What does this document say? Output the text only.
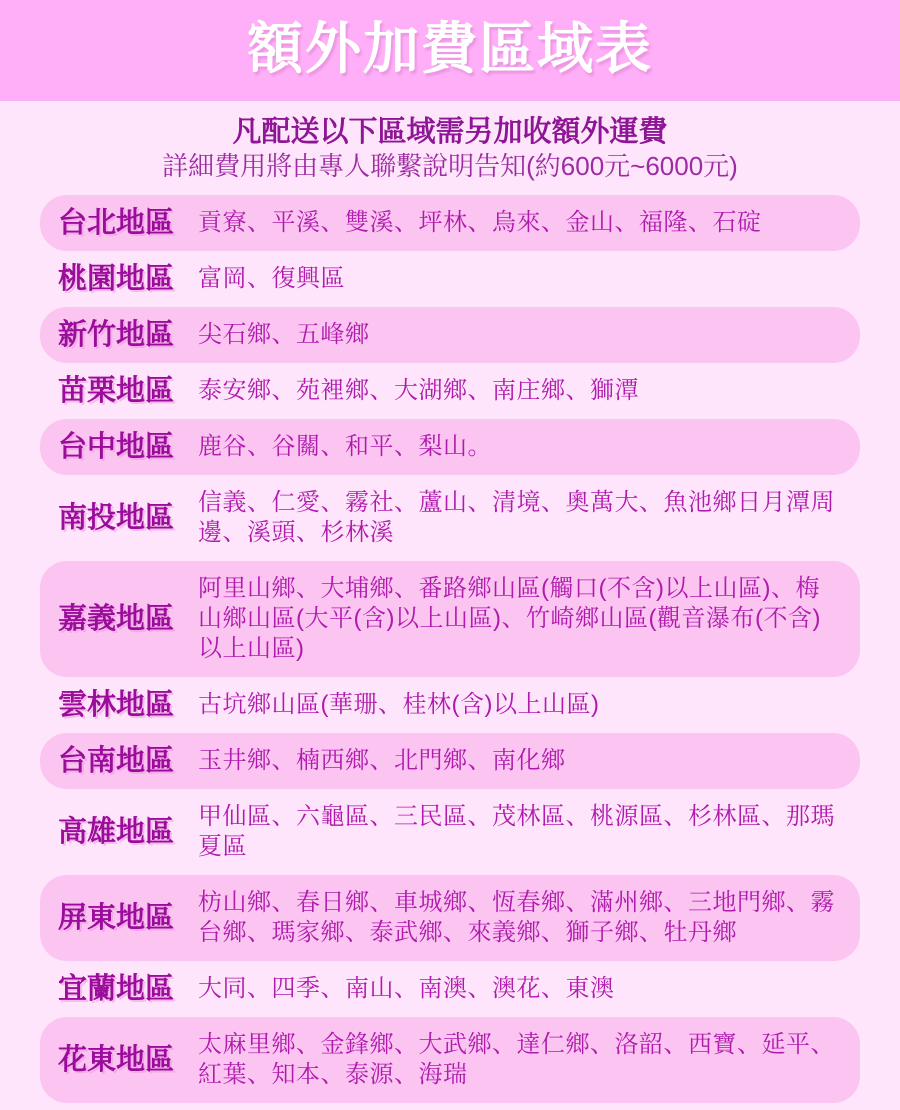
額外加費區域表
凡配送以下區域需另加收額外運費
詳細費用將由專人聯繫說明告知(約600元~6000元)
台北地區 貢寮、平溪、雙溪、坪林、烏來、金山、福隆、石碇
桃園地區 富岡、復興區
新竹地區 尖石鄉、五峰鄉
苗栗地區 泰安鄉、苑裡鄉、大湖鄉、南庄鄉、獅潭
台中地區 鹿谷、谷關、和平、梨山。
南投地區 信義、仁愛、霧社、蘆山、清境、奧萬大、魚池鄉日月潭周邊、溪頭、杉林溪
嘉義地區
阿里山鄉、大埔鄉、番路鄉山區(觸口(不含)以上山區)、梅山鄉山區(大平(含)以上山區)、竹崎鄉山區(觀音瀑布(不含)以上山區)
雲林地區 古坑鄉山區(華珊、桂林(含)以上山區)
台南地區 玉井鄉、楠西鄉、北門鄉、南化鄉
高雄地區 甲仙區、六龜區、三民區、茂林區、桃源區、杉林區、那瑪夏區
屏東地區 枋山鄉、春日鄉、車城鄉、恆春鄉、滿州鄉、三地門鄉、霧台鄉、瑪家鄉、泰武鄉、來義鄉、獅子鄉、牡丹鄉
宜蘭地區 大同、四季、南山、南澳、澳花、東澳
花東地區 太麻里鄉、金鋒鄉、大武鄉、達仁鄉、洛韶、西寶、延平、紅葉、知本、泰源、海瑞
